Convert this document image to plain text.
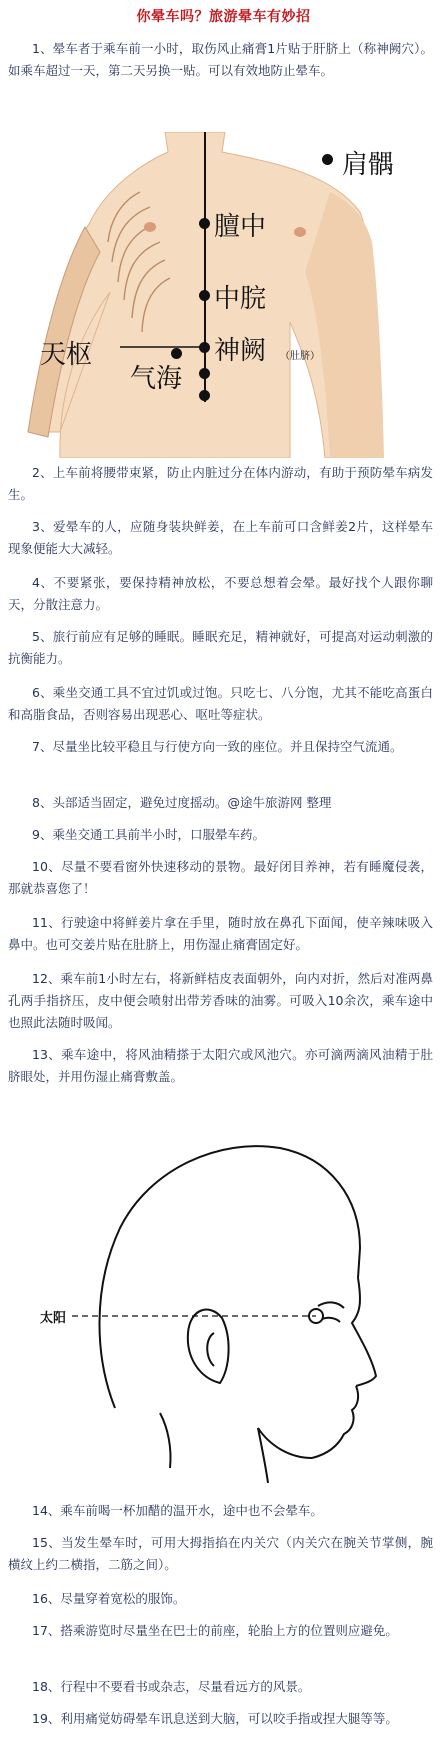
你晕车吗？旅游晕车有妙招
1、晕车者于乘车前一小时，取伤风止痛膏1片贴于肝脐上（称神阙穴）。如乘车超过一天，第二天另换一贴。可以有效地防止晕车。
肩髃
膻中
中脘
神阙 （肚脐）
天枢
气海
2、上车前将腰带束紧，防止内脏过分在体内游动，有助于预防晕车病发生。
3、爱晕车的人，应随身装块鲜姜，在上车前可口含鲜姜2片，这样晕车现象便能大大减轻。
4、不要紧张，要保持精神放松，不要总想着会晕。最好找个人跟你聊天，分散注意力。
5、旅行前应有足够的睡眠。睡眠充足，精神就好，可提高对运动刺激的抗衡能力。
6、乘坐交通工具不宜过饥或过饱。只吃七、八分饱，尤其不能吃高蛋白和高脂食品，否则容易出现恶心、呕吐等症状。
7、尽量坐比较平稳且与行使方向一致的座位。并且保持空气流通。
8、头部适当固定，避免过度摇动。@途牛旅游网 整理
9、乘坐交通工具前半小时，口服晕车药。
10、尽量不要看窗外快速移动的景物。最好闭目养神，若有睡魔侵袭，那就恭喜您了！
11、行驶途中将鲜姜片拿在手里，随时放在鼻孔下面闻，使辛辣味吸入鼻中。也可交姜片贴在肚脐上，用伤湿止痛膏固定好。
12、乘车前1小时左右，将新鲜桔皮表面朝外，向内对折，然后对准两鼻孔两手指挤压，皮中便会喷射出带芳香味的油雾。可吸入10余次，乘车途中也照此法随时吸闻。
13、乘车途中，将风油精搽于太阳穴或风池穴。亦可滴两滴风油精于肚脐眼处，并用伤湿止痛膏敷盖。
太阳
14、乘车前喝一杯加醋的温开水，途中也不会晕车。
15、当发生晕车时，可用大拇指掐在内关穴（内关穴在腕关节掌侧，腕横纹上约二横指，二筋之间）。
16、尽量穿着宽松的服饰。
17、搭乘游览时尽量坐在巴士的前座，轮胎上方的位置则应避免。
18、行程中不要看书或杂志，尽量看远方的风景。
19、利用痛觉妨碍晕车讯息送到大脑，可以咬手指或捏大腿等等。
